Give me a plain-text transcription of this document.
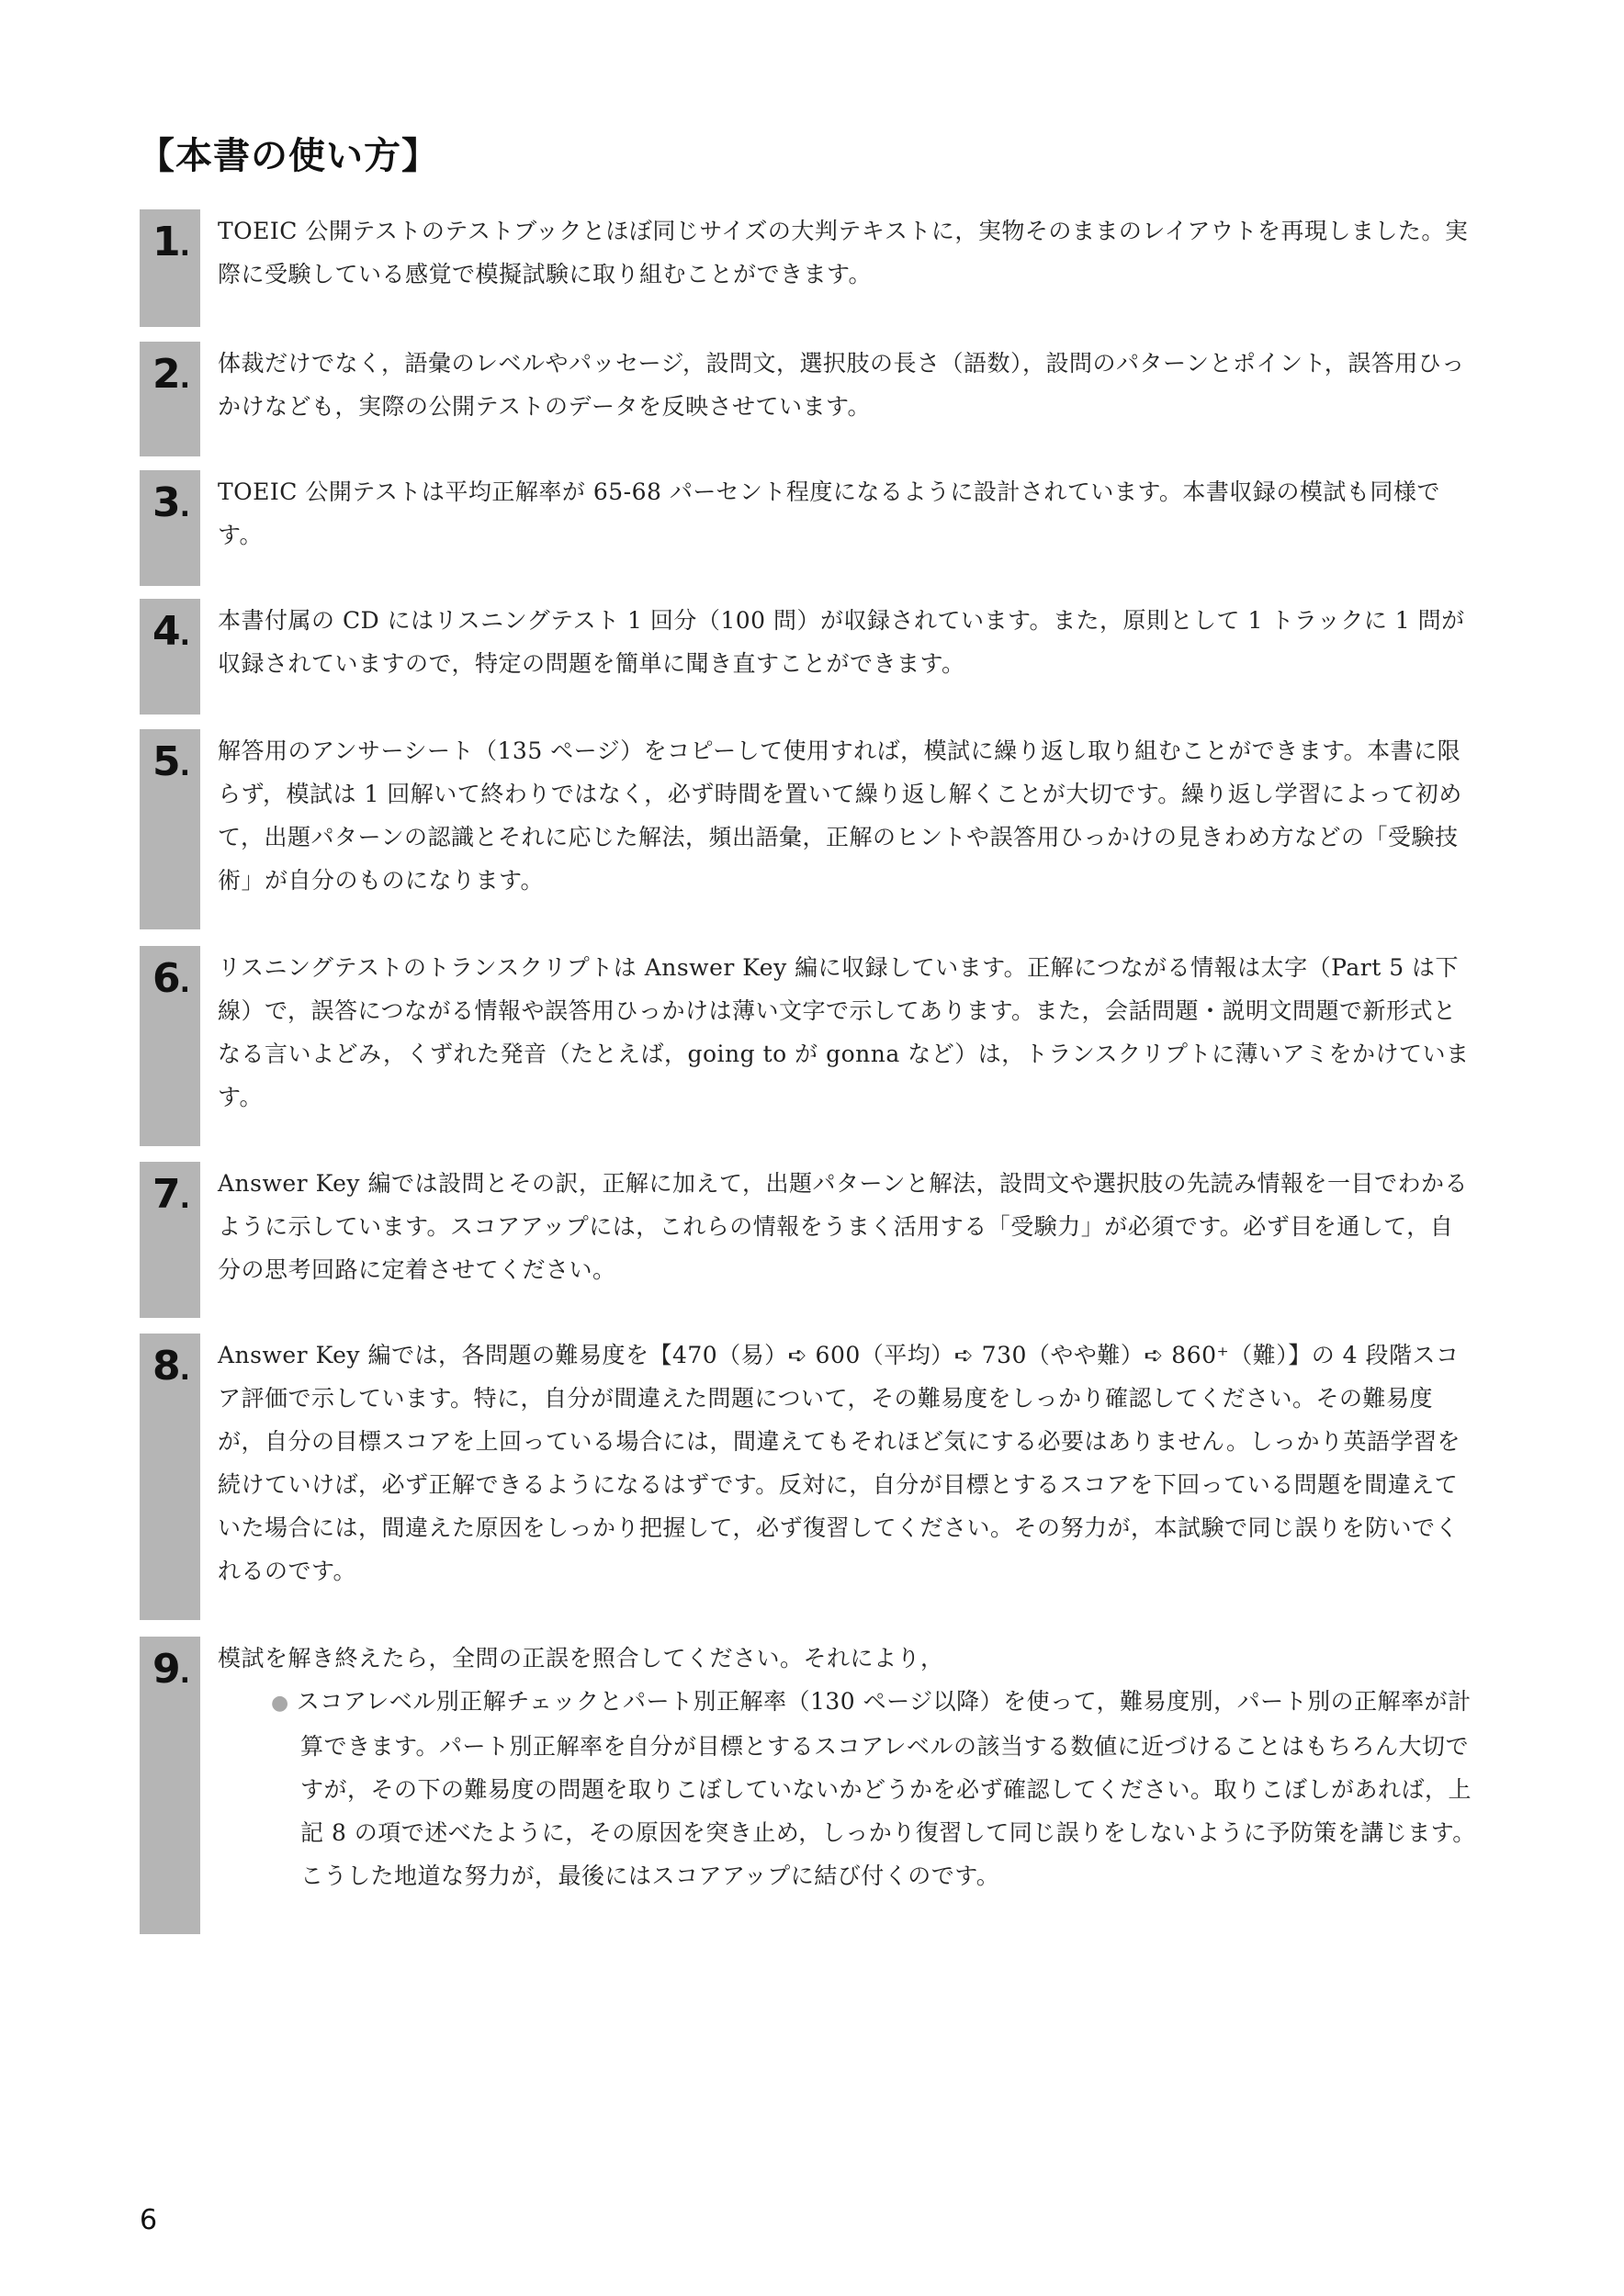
【本書の使い方】
1. TOEIC 公開テストのテストブックとほぼ同じサイズの大判テキストに，実物そのままのレイアウトを再現しました。実際に受験している感覚で模擬試験に取り組むことができます。
2. 体裁だけでなく，語彙のレベルやパッセージ，設問文，選択肢の長さ（語数），設問のパターンとポイント，誤答用ひっかけなども，実際の公開テストのデータを反映させています。
3. TOEIC 公開テストは平均正解率が 65-68 パーセント程度になるように設計されています。本書収録の模試も同様です。
4. 本書付属の CD にはリスニングテスト 1 回分（100 問）が収録されています。また，原則として 1 トラックに 1 問が収録されていますので，特定の問題を簡単に聞き直すことができます。
5. 解答用のアンサーシート（135 ページ）をコピーして使用すれば，模試に繰り返し取り組むことができます。本書に限らず，模試は 1 回解いて終わりではなく，必ず時間を置いて繰り返し解くことが大切です。繰り返し学習によって初めて，出題パターンの認識とそれに応じた解法，頻出語彙，正解のヒントや誤答用ひっかけの見きわめ方などの「受験技術」が自分のものになります。
6. リスニングテストのトランスクリプトは Answer Key 編に収録しています。正解につながる情報は太字（Part 5 は下線）で，誤答につながる情報や誤答用ひっかけは薄い文字で示してあります。また，会話問題・説明文問題で新形式となる言いよどみ，くずれた発音（たとえば，going to が gonna など）は，トランスクリプトに薄いアミをかけています。
7. Answer Key 編では設問とその訳，正解に加えて，出題パターンと解法，設問文や選択肢の先読み情報を一目でわかるように示しています。スコアアップには，これらの情報をうまく活用する「受験力」が必須です。必ず目を通して，自分の思考回路に定着させてください。
8. Answer Key 編では，各問題の難易度を【470（易）➪ 600（平均）➪ 730（やや難）➪ 860⁺（難）】の 4 段階スコア評価で示しています。特に，自分が間違えた問題について，その難易度をしっかり確認してください。その難易度が，自分の目標スコアを上回っている場合には，間違えてもそれほど気にする必要はありません。しっかり英語学習を続けていけば，必ず正解できるようになるはずです。反対に，自分が目標とするスコアを下回っている問題を間違えていた場合には，間違えた原因をしっかり把握して，必ず復習してください。その努力が，本試験で同じ誤りを防いでくれるのです。
9. 模試を解き終えたら，全問の正誤を照合してください。それにより，
● スコアレベル別正解チェックとパート別正解率（130 ページ以降）を使って，難易度別，パート別の正解率が計算できます。パート別正解率を自分が目標とするスコアレベルの該当する数値に近づけることはもちろん大切ですが，その下の難易度の問題を取りこぼしていないかどうかを必ず確認してください。取りこぼしがあれば，上記 8 の項で述べたように，その原因を突き止め，しっかり復習して同じ誤りをしないように予防策を講じます。こうした地道な努力が，最後にはスコアアップに結び付くのです。
6
